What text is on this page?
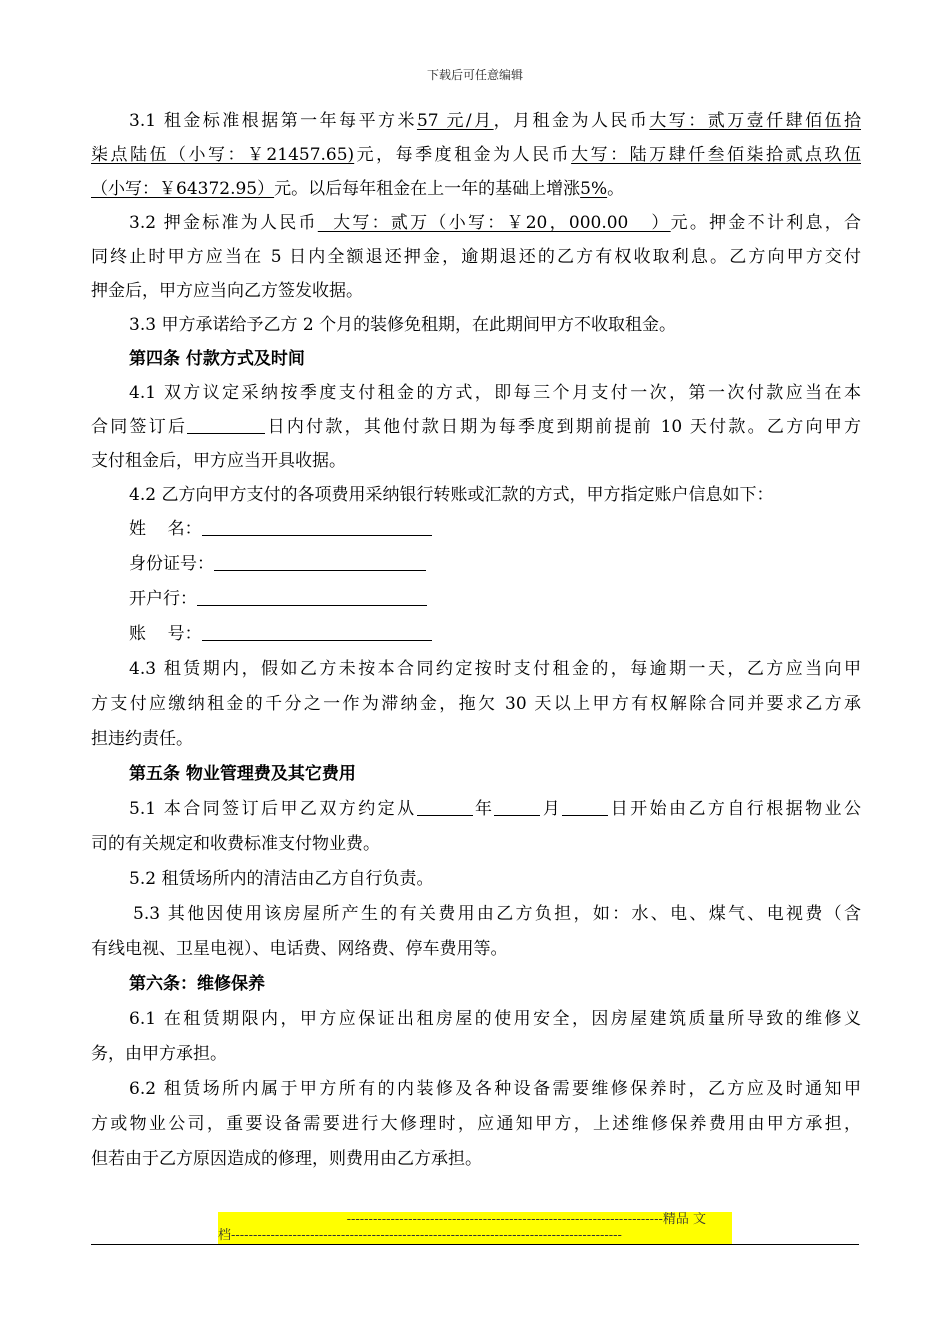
下载后可任意编辑
3.1 租金标准根据第一年每平方米57 元/月，月租金为人民币大写：贰万壹仟肆佰伍拾
柒点陆伍（小写：￥21457.65)元，每季度租金为人民币大写：陆万肆仟叁佰柒拾贰点玖伍
（小写：￥64372.95）元。以后每年租金在上一年的基础上增涨5%。
3.2 押金标准为人民币  大写：贰万（小写：￥20，000.00   ）元。押金不计利息，合
同终止时甲方应当在 5 日内全额退还押金，逾期退还的乙方有权收取利息。乙方向甲方交付
押金后，甲方应当向乙方签发收据。
3.3 甲方承诺给予乙方 2 个月的装修免租期，在此期间甲方不收取租金。
第四条 付款方式及时间
4.1 双方议定采纳按季度支付租金的方式，即每三个月支付一次，第一次付款应当在本
合同签订后	日内付款，其他付款日期为每季度到期前提前 10 天付款。乙方向甲方
支付租金后，甲方应当开具收据。
4.2 乙方向甲方支付的各项费用采纳银行转账或汇款的方式，甲方指定账户信息如下：
姓    名：
身份证号：
开户行：
账    号：
4.3 租赁期内，假如乙方未按本合同约定按时支付租金的，每逾期一天，乙方应当向甲
方支付应缴纳租金的千分之一作为滞纳金，拖欠 30 天以上甲方有权解除合同并要求乙方承
担违约责任。
第五条 物业管理费及其它费用
5.1 本合同签订后甲乙双方约定从	年	月	日开始由乙方自行根据物业公
司的有关规定和收费标准支付物业费。
5.2 租赁场所内的清洁由乙方自行负责。
5.3 其他因使用该房屋所产生的有关费用由乙方负担，如：水、电、煤气、电视费（含
有线电视、卫星电视）、电话费、网络费、停车费用等。
第六条：维修保养
6.1 在租赁期限内，甲方应保证出租房屋的使用安全，因房屋建筑质量所导致的维修义
务，由甲方承担。
6.2 租赁场所内属于甲方所有的内装修及各种设备需要维修保养时，乙方应及时通知甲
方或物业公司，重要设备需要进行大修理时，应通知甲方，上述维修保养费用由甲方承担，
但若由于乙方原因造成的修理，则费用由乙方承担。
------------------------------------------------------------------------精品 文
档-----------------------------------------------------------------------------------------
